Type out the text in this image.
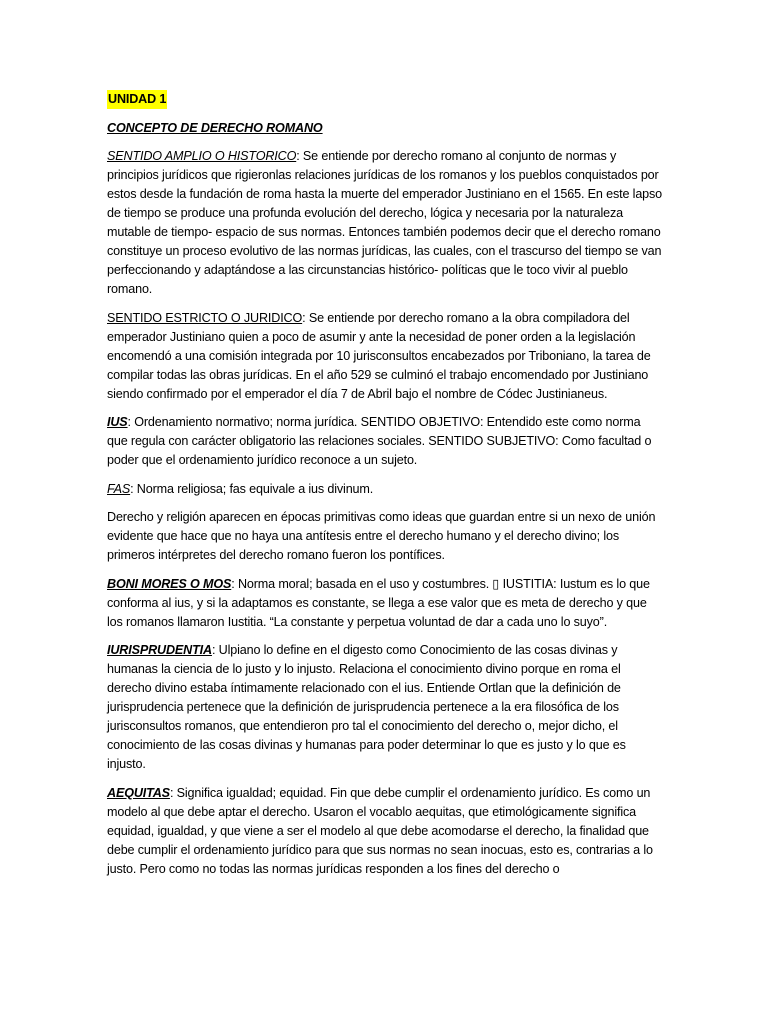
UNIDAD 1
CONCEPTO DE DERECHO ROMANO
SENTIDO AMPLIO O HISTORICO: Se entiende por derecho romano al conjunto de normas y principios jurídicos que rigieronlas relaciones jurídicas de los romanos y los pueblos conquistados por estos desde la fundación de roma hasta la muerte del emperador Justiniano en el 1565. En este lapso de tiempo se produce una profunda evolución del derecho, lógica y necesaria por la naturaleza mutable de tiempo- espacio de sus normas. Entonces también podemos decir que el derecho romano constituye un proceso evolutivo de las normas jurídicas, las cuales, con el trascurso del tiempo se van perfeccionando y adaptándose a las circunstancias histórico- políticas que le toco vivir al pueblo romano.
SENTIDO ESTRICTO O JURIDICO: Se entiende por derecho romano a la obra compiladora del emperador Justiniano quien a poco de asumir y ante la necesidad de poner orden a la legislación encomendó a una comisión integrada por 10 jurisconsultos encabezados por Triboniano, la tarea de compilar todas las obras jurídicas. En el año 529 se culminó el trabajo encomendado por Justiniano siendo confirmado por el emperador el día 7 de Abril bajo el nombre de Códec Justinianeus.
IUS: Ordenamiento normativo; norma jurídica. SENTIDO OBJETIVO: Entendido este como norma que regula con carácter obligatorio las relaciones sociales. SENTIDO SUBJETIVO: Como facultad o poder que el ordenamiento jurídico reconoce a un sujeto.
FAS: Norma religiosa; fas equivale a ius divinum.
Derecho y religión aparecen en épocas primitivas como ideas que guardan entre si un nexo de unión evidente que hace que no haya una antítesis entre el derecho humano y el derecho divino; los primeros intérpretes del derecho romano fueron los pontífices.
BONI MORES O MOS: Norma moral; basada en el uso y costumbres. ▯ IUSTITIA: Iustum es lo que conforma al ius, y si la adaptamos es constante, se llega a ese valor que es meta de derecho y que los romanos llamaron Iustitia. “La constante y perpetua voluntad de dar a cada uno lo suyo”.
IURISPRUDENTIA: Ulpiano lo define en el digesto como Conocimiento de las cosas divinas y humanas la ciencia de lo justo y lo injusto. Relaciona el conocimiento divino porque en roma el derecho divino estaba íntimamente relacionado con el ius. Entiende Ortlan que la definición de jurisprudencia pertenece que la definición de jurisprudencia pertenece a la era filosófica de los jurisconsultos romanos, que entendieron pro tal el conocimiento del derecho o, mejor dicho, el conocimiento de las cosas divinas y humanas para poder determinar lo que es justo y lo que es injusto.
AEQUITAS: Significa igualdad; equidad. Fin que debe cumplir el ordenamiento jurídico. Es como un modelo al que debe aptar el derecho. Usaron el vocablo aequitas, que etimológicamente significa equidad, igualdad, y que viene a ser el modelo al que debe acomodarse el derecho, la finalidad que debe cumplir el ordenamiento jurídico para que sus normas no sean inocuas, esto es, contrarias a lo justo. Pero como no todas las normas jurídicas responden a los fines del derecho o
